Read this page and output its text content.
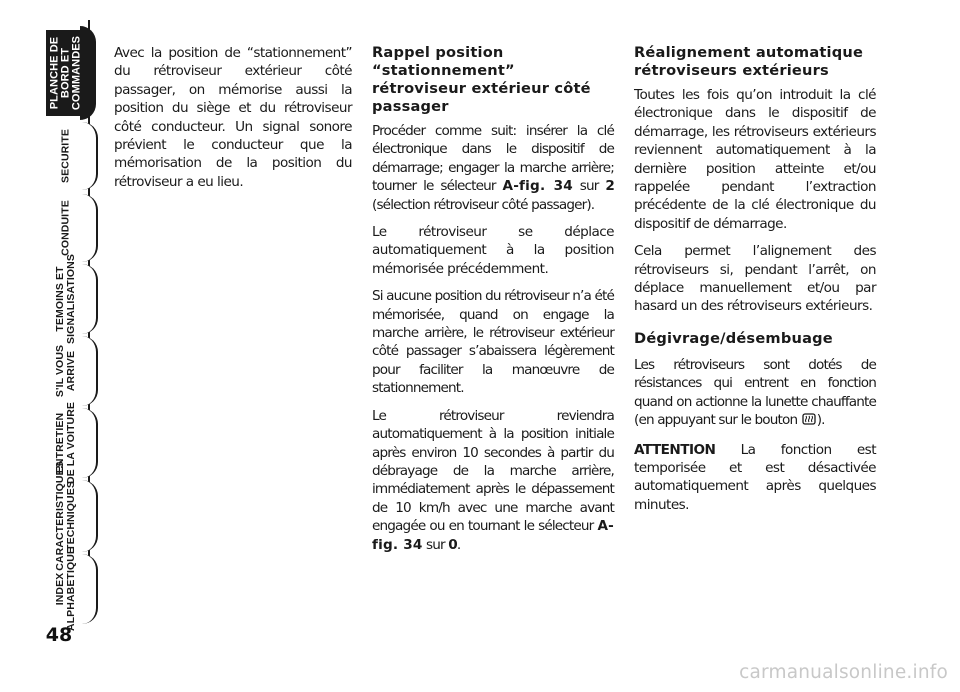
PLANCHE DE
BORD ET
COMMANDES
SECURITE
CONDUITE
TEMOINS ET
SIGNALISATIONS
S'IL VOUS
ARRIVE
ENTRETIEN
DE LA VOITURE
CARACTERISTIQUES
TECHNIQUES
INDEX
ALPHABETIQUE
48

Avec la position de “stationnement” du rétroviseur extérieur côté passager, on mémorise aussi la position du siège et du rétroviseur côté conducteur. Un signal sonore prévient le conducteur que la mémorisation de la position du rétroviseur a eu lieu.

Rappel position “stationnement” rétroviseur extérieur côté passager

Procéder comme suit: insérer la clé électronique dans le dispositif de démarrage; engager la marche arrière; tourner le sélecteur A-fig. 34 sur 2 (sélection rétroviseur côté passager).

Le rétroviseur se déplace automatiquement à la position mémorisée précédemment.

Si aucune position du rétroviseur n’a été mémorisée, quand on engage la marche arrière, le rétroviseur extérieur côté passager s’abaissera légèrement pour faciliter la manœuvre de stationnement.

Le rétroviseur reviendra automatiquement à la position initiale après environ 10 secondes à partir du débrayage de la marche arrière, immédiatement après le dépassement de 10 km/h avec une marche avant engagée ou en tournant le sélecteur A-fig. 34 sur 0.

Réalignement automatique rétroviseurs extérieurs

Toutes les fois qu’on introduit la clé électronique dans le dispositif de démarrage, les rétroviseurs extérieurs reviennent automatiquement à la dernière position atteinte et/ou rappelée pendant l’extraction précédente de la clé électronique du dispositif de démarrage.

Cela permet l’alignement des rétroviseurs si, pendant l’arrêt, on déplace manuellement et/ou par hasard un des rétroviseurs extérieurs.

Dégivrage/désembuage

Les rétroviseurs sont dotés de résistances qui entrent en fonction quand on actionne la lunette chauffante (en appuyant sur le bouton ).

ATTENTION La fonction est temporisée et est désactivée automatiquement après quelques minutes.

carmanualsonline.info
